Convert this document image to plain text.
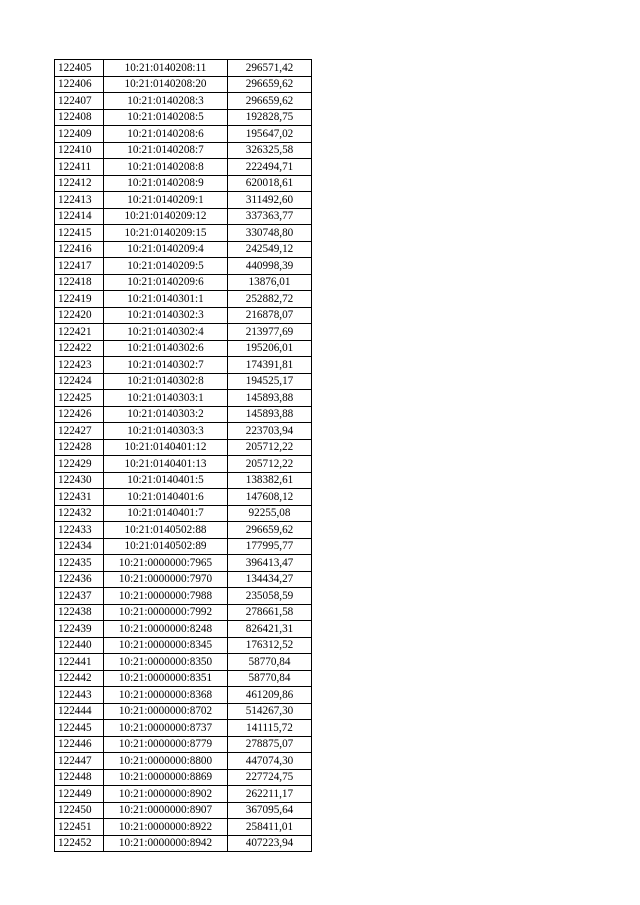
122405	10:21:0140208:11	296571,42
122406	10:21:0140208:20	296659,62
122407	10:21:0140208:3	296659,62
122408	10:21:0140208:5	192828,75
122409	10:21:0140208:6	195647,02
122410	10:21:0140208:7	326325,58
122411	10:21:0140208:8	222494,71
122412	10:21:0140208:9	620018,61
122413	10:21:0140209:1	311492,60
122414	10:21:0140209:12	337363,77
122415	10:21:0140209:15	330748,80
122416	10:21:0140209:4	242549,12
122417	10:21:0140209:5	440998,39
122418	10:21:0140209:6	13876,01
122419	10:21:0140301:1	252882,72
122420	10:21:0140302:3	216878,07
122421	10:21:0140302:4	213977,69
122422	10:21:0140302:6	195206,01
122423	10:21:0140302:7	174391,81
122424	10:21:0140302:8	194525,17
122425	10:21:0140303:1	145893,88
122426	10:21:0140303:2	145893,88
122427	10:21:0140303:3	223703,94
122428	10:21:0140401:12	205712,22
122429	10:21:0140401:13	205712,22
122430	10:21:0140401:5	138382,61
122431	10:21:0140401:6	147608,12
122432	10:21:0140401:7	92255,08
122433	10:21:0140502:88	296659,62
122434	10:21:0140502:89	177995,77
122435	10:21:0000000:7965	396413,47
122436	10:21:0000000:7970	134434,27
122437	10:21:0000000:7988	235058,59
122438	10:21:0000000:7992	278661,58
122439	10:21:0000000:8248	826421,31
122440	10:21:0000000:8345	176312,52
122441	10:21:0000000:8350	58770,84
122442	10:21:0000000:8351	58770,84
122443	10:21:0000000:8368	461209,86
122444	10:21:0000000:8702	514267,30
122445	10:21:0000000:8737	141115,72
122446	10:21:0000000:8779	278875,07
122447	10:21:0000000:8800	447074,30
122448	10:21:0000000:8869	227724,75
122449	10:21:0000000:8902	262211,17
122450	10:21:0000000:8907	367095,64
122451	10:21:0000000:8922	258411,01
122452	10:21:0000000:8942	407223,94
